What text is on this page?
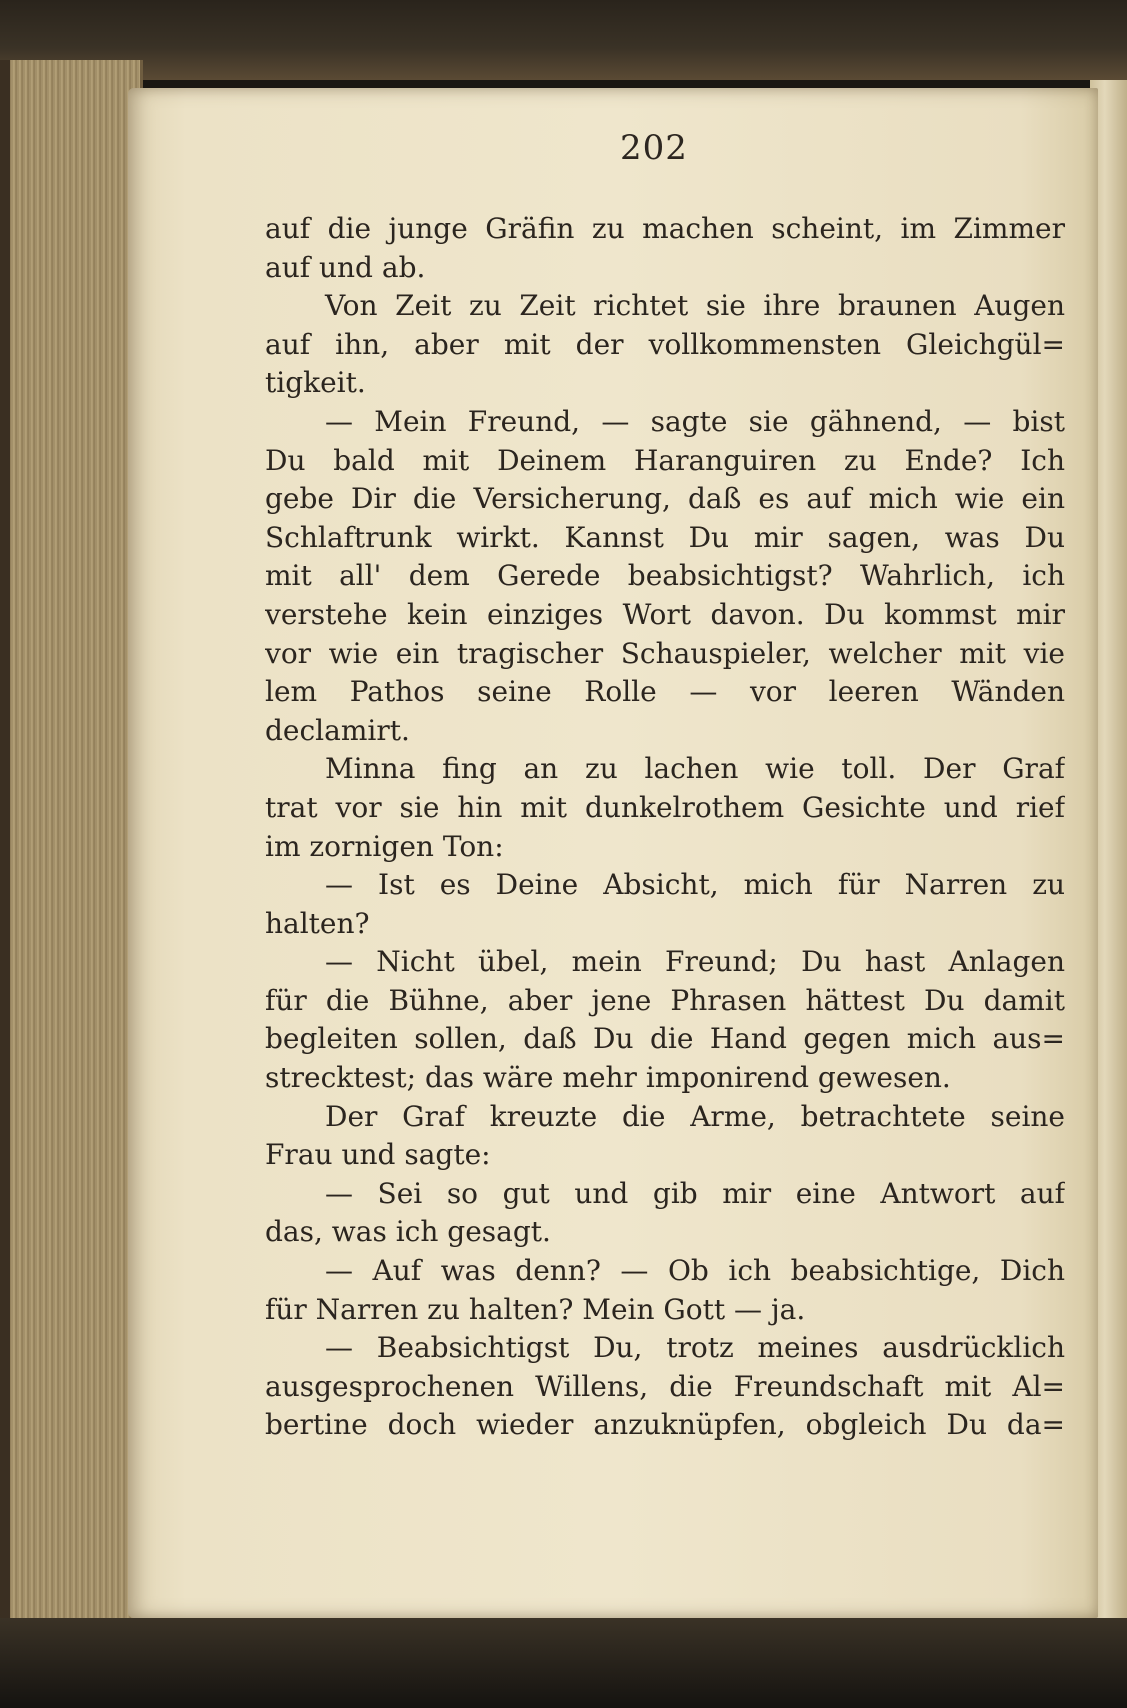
202
auf die junge Gräfin zu machen scheint, im Zimmer
auf und ab.
Von Zeit zu Zeit richtet sie ihre braunen Augen
auf ihn, aber mit der vollkommensten Gleichgül=
tigkeit.
— Mein Freund, — sagte sie gähnend, — bist
Du bald mit Deinem Haranguiren zu Ende? Ich
gebe Dir die Versicherung, daß es auf mich wie ein
Schlaftrunk wirkt. Kannst Du mir sagen, was Du
mit all' dem Gerede beabsichtigst? Wahrlich, ich
verstehe kein einziges Wort davon. Du kommst mir
vor wie ein tragischer Schauspieler, welcher mit vie
lem Pathos seine Rolle — vor leeren Wänden
declamirt.
Minna fing an zu lachen wie toll. Der Graf
trat vor sie hin mit dunkelrothem Gesichte und rief
im zornigen Ton:
— Ist es Deine Absicht, mich für Narren zu
halten?
— Nicht übel, mein Freund; Du hast Anlagen
für die Bühne, aber jene Phrasen hättest Du damit
begleiten sollen, daß Du die Hand gegen mich aus=
strecktest; das wäre mehr imponirend gewesen.
Der Graf kreuzte die Arme, betrachtete seine
Frau und sagte:
— Sei so gut und gib mir eine Antwort auf
das, was ich gesagt.
— Auf was denn? — Ob ich beabsichtige, Dich
für Narren zu halten? Mein Gott — ja.
— Beabsichtigst Du, trotz meines ausdrücklich
ausgesprochenen Willens, die Freundschaft mit Al=
bertine doch wieder anzuknüpfen, obgleich Du da=
